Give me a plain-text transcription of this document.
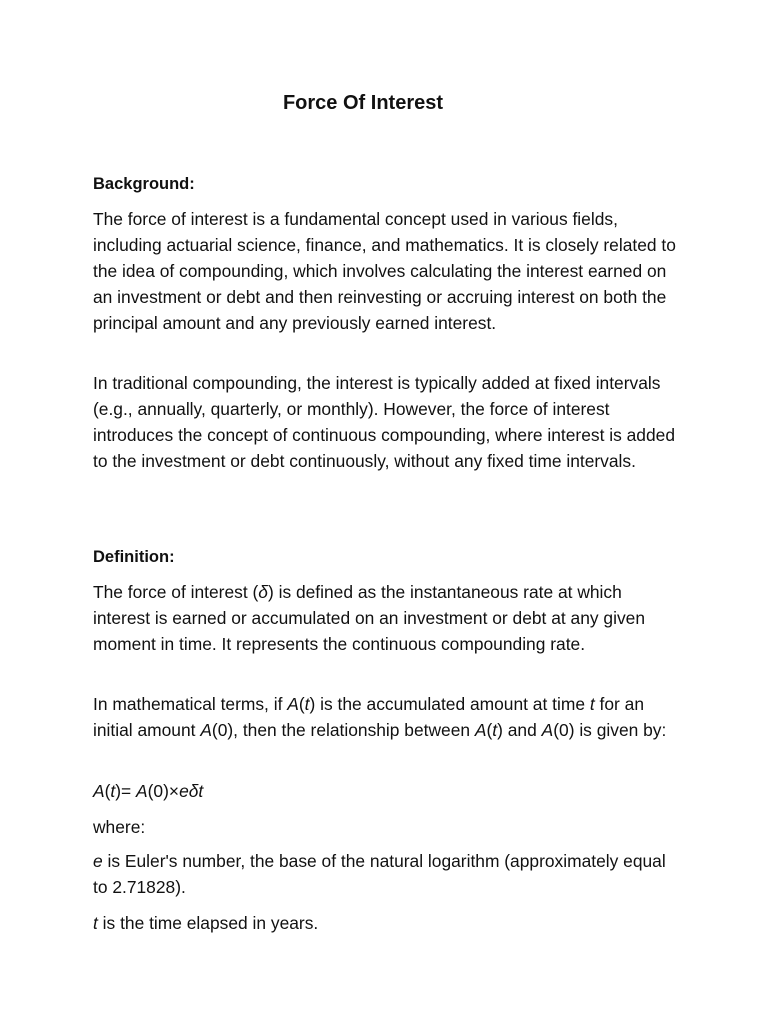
Force Of Interest
Background:
The force of interest is a fundamental concept used in various fields, including actuarial science, finance, and mathematics. It is closely related to the idea of compounding, which involves calculating the interest earned on an investment or debt and then reinvesting or accruing interest on both the principal amount and any previously earned interest.
In traditional compounding, the interest is typically added at fixed intervals (e.g., annually, quarterly, or monthly). However, the force of interest introduces the concept of continuous compounding, where interest is added to the investment or debt continuously, without any fixed time intervals.
Definition:
The force of interest (δ) is defined as the instantaneous rate at which interest is earned or accumulated on an investment or debt at any given moment in time. It represents the continuous compounding rate.
In mathematical terms, if A(t) is the accumulated amount at time t for an initial amount A(0), then the relationship between A(t) and A(0) is given by:
A(t)= A(0)×eδt
where:
e is Euler's number, the base of the natural logarithm (approximately equal to 2.71828).
t is the time elapsed in years.
